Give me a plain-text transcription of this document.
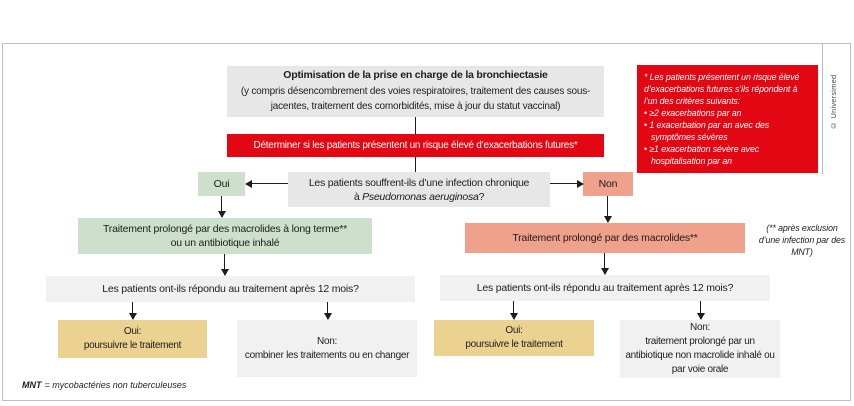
Optimisation de la prise en charge de la bronchiectasie
(y compris désencombrement des voies respiratoires, traitement des causes sous-jacentes, traitement des comorbidités, mise à jour du statut vaccinal)
Déterminer si les patients présentent un risque élevé d’exacerbations futures*
* Les patients présentent un risque élevé d’exacerbations futures s’ils répondent à l’un des critères suivants:
• ≥2 exacerbations par an
• 1 exacerbation par an avec des symptômes sévères
• ≥1 exacerbation sévère avec hospitalisation par an
Les patients souffrent-ils d’une infection chronique
à Pseudomonas aeruginosa?
Oui	Non
Traitement prolongé par des macrolides à long terme**
ou un antibiotique inhalé	Traitement prolongé par des macrolides**
(** après exclusion d’une infection par des MNT)
Les patients ont-ils répondu au traitement après 12 mois?	Les patients ont-ils répondu au traitement après 12 mois?
Oui:
poursuivre le traitement	Non:
combiner les traitements ou en changer
Oui:
poursuivre le traitement
Non:
traitement prolongé par un antibiotique non macrolide inhalé ou par voie orale
MNT = mycobactéries non tuberculeuses
© Universimed
